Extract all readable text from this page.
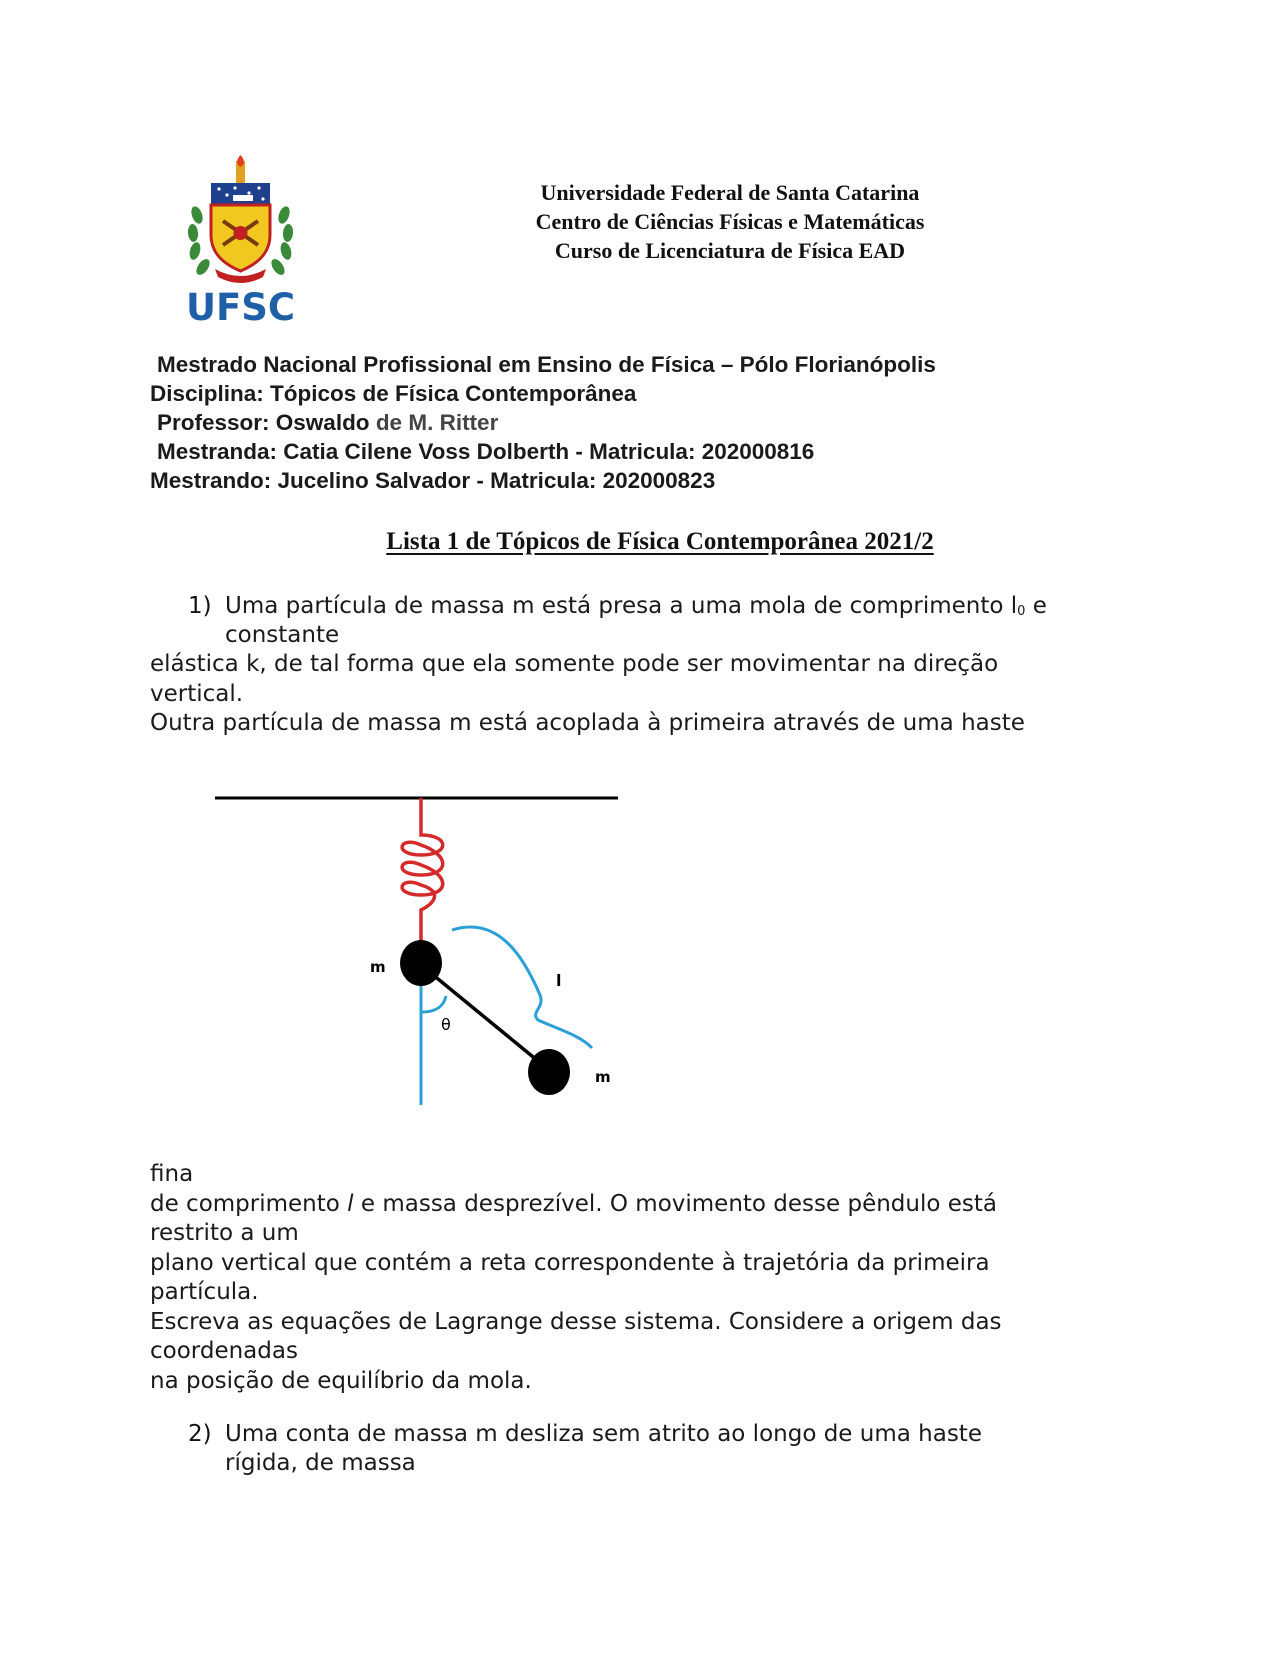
UFSC
Universidade Federal de Santa Catarina
Centro de Ciências Físicas e Matemáticas
Curso de Licenciatura de Física EAD
Mestrado Nacional Profissional em Ensino de Física – Pólo Florianópolis
Disciplina: Tópicos de Física Contemporânea
Professor: Oswaldo de M. Ritter
Mestranda: Catia Cilene Voss Dolberth - Matricula: 202000816
Mestrando: Jucelino Salvador - Matricula: 202000823
Lista 1 de Tópicos de Física Contemporânea 2021/2
1) Uma partícula de massa m está presa a uma mola de comprimento l0 e
constante
elástica k, de tal forma que ela somente pode ser movimentar na direção
vertical.
Outra partícula de massa m está acoplada à primeira através de uma haste
m
m
l
θ
fina
de comprimento l e massa desprezível. O movimento desse pêndulo está
restrito a um
plano vertical que contém a reta correspondente à trajetória da primeira
partícula.
Escreva as equações de Lagrange desse sistema. Considere a origem das
coordenadas
na posição de equilíbrio da mola.
2) Uma conta de massa m desliza sem atrito ao longo de uma haste
rígida, de massa
